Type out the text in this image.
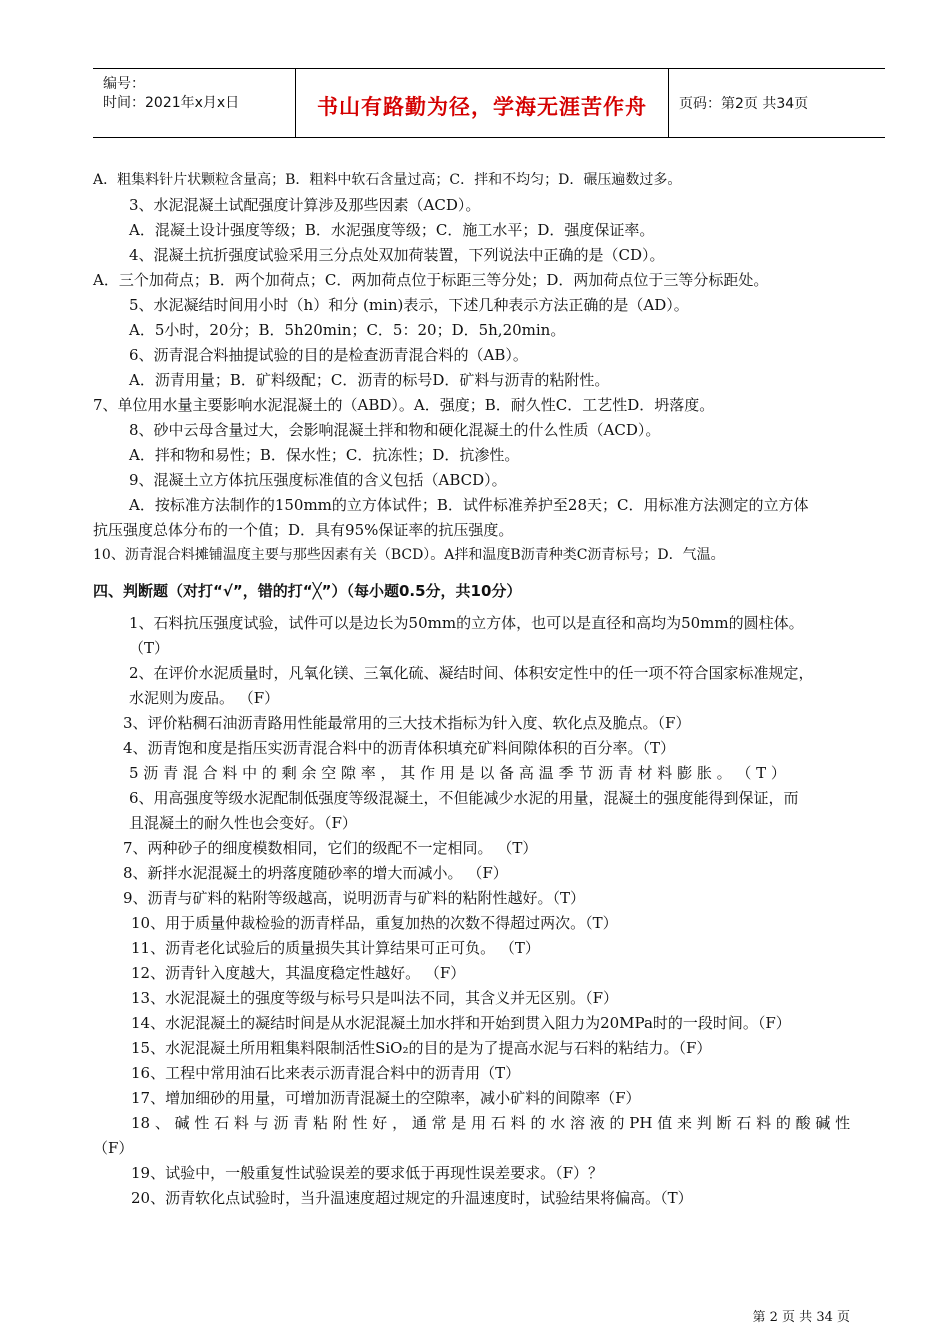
编号：
时间：2021年x月x日	书山有路勤为径，学海无涯苦作舟	页码：第2页 共34页
A．粗集料针片状颗粒含量高；B．粗料中软石含量过高；C．拌和不均匀；D．碾压遍数过多。
3、水泥混凝土试配强度计算涉及那些因素（ACD）。
A．混凝土设计强度等级；B．水泥强度等级；C．施工水平；D．强度保证率。
4、混凝土抗折强度试验采用三分点处双加荷装置，下列说法中正确的是（CD）。
A．三个加荷点；B．两个加荷点；C．两加荷点位于标距三等分处；D．两加荷点位于三等分标距处。
5、水泥凝结时间用小时（h）和分 (min)表示，下述几种表示方法正确的是（AD）。
A．5小时，20分；B．5h20min；C．5：20；D．5h,20min。
6、沥青混合料抽提试验的目的是检查沥青混合料的（AB）。
A．沥青用量；B．矿料级配；C．沥青的标号D．矿料与沥青的粘附性。
7、单位用水量主要影响水泥混凝土的（ABD）。A．强度；B．耐久性C．工艺性D．坍落度。
8、砂中云母含量过大，会影响混凝土拌和物和硬化混凝土的什么性质（ACD）。
A．拌和物和易性；B．保水性；C．抗冻性；D．抗渗性。
9、混凝土立方体抗压强度标准值的含义包括（ABCD）。
A．按标准方法制作的150mm的立方体试件；B．试件标准养护至28天；C．用标准方法测定的立方体
抗压强度总体分布的一个值；D．具有95%保证率的抗压强度。
10、沥青混合料摊铺温度主要与那些因素有关（BCD）。A拌和温度B沥青种类C沥青标号；D．气温。
四、判断题（对打“√”，错的打“╳”）（每小题0.5分，共10分）
1、石料抗压强度试验，试件可以是边长为50mm的立方体，也可以是直径和高均为50mm的圆柱体。
（T）
2、在评价水泥质量时，凡氧化镁、三氧化硫、凝结时间、体积安定性中的任一项不符合国家标准规定，
水泥则为废品。 （F）
3、评价粘稠石油沥青路用性能最常用的三大技术指标为针入度、软化点及脆点。（F）
4、沥青饱和度是指压实沥青混合料中的沥青体积填充矿料间隙体积的百分率。（T）
5 沥 青 混 合 料 中 的 剩 余 空 隙 率 ， 其 作 用 是 以 备 高 温 季 节 沥 青 材 料 膨 胀 。 （ T ）
6、用高强度等级水泥配制低强度等级混凝土，不但能减少水泥的用量，混凝土的强度能得到保证，而
且混凝土的耐久性也会变好。（F）
7、两种砂子的细度模数相同，它们的级配不一定相同。 （T）
8、新拌水泥混凝土的坍落度随砂率的增大而减小。 （F）
9、沥青与矿料的粘附等级越高，说明沥青与矿料的粘附性越好。（T）
10、用于质量仲裁检验的沥青样品，重复加热的次数不得超过两次。（T）
11、沥青老化试验后的质量损失其计算结果可正可负。 （T）
12、沥青针入度越大，其温度稳定性越好。 （F）
13、水泥混凝土的强度等级与标号只是叫法不同，其含义并无区别。（F）
14、水泥混凝土的凝结时间是从水泥混凝土加水拌和开始到贯入阻力为20MPa时的一段时间。（F）
15、水泥混凝土所用粗集料限制活性SiO₂的目的是为了提高水泥与石料的粘结力。（F）
16、工程中常用油石比来表示沥青混合料中的沥青用（T）
17、增加细砂的用量，可增加沥青混凝土的空隙率，减小矿料的间隙率（F）
18 、 碱 性 石 料 与 沥 青 粘 附 性 好 ， 通 常 是 用 石 料 的 水 溶 液 的 PH 值 来 判 断 石 料 的 酸 碱 性
（F）
19、试验中，一般重复性试验误差的要求低于再现性误差要求。（F）？
20、沥青软化点试验时，当升温速度超过规定的升温速度时，试验结果将偏高。（T）
第 2 页 共 34 页
